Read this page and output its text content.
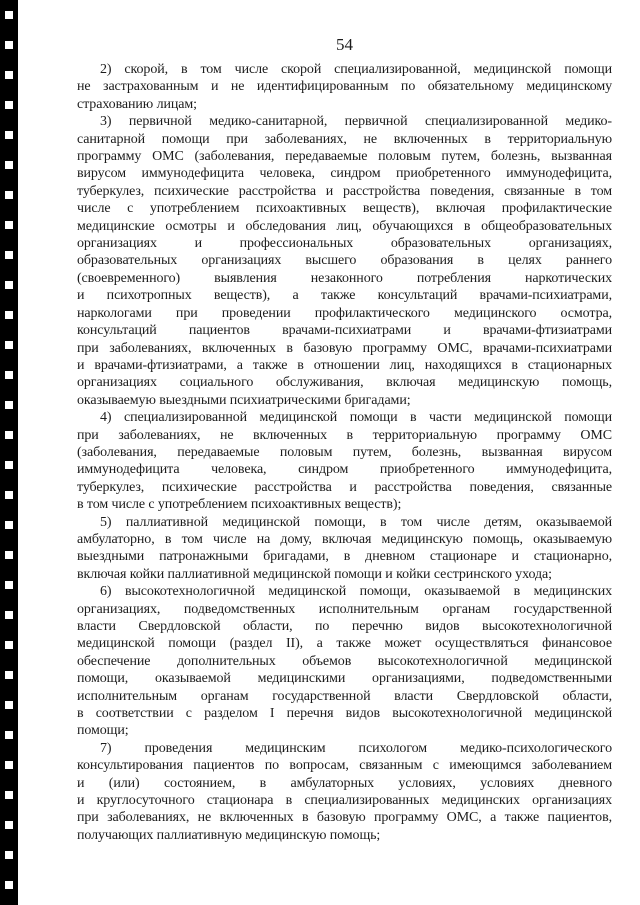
54
2) скорой, в том числе скорой специализированной, медицинской помощи
не застрахованным и не идентифицированным по обязательному медицинскому
страхованию лицам;
3) первичной медико-санитарной, первичной специализированной медико-
санитарной помощи при заболеваниях, не включенных в территориальную
программу ОМС (заболевания, передаваемые половым путем, болезнь, вызванная
вирусом иммунодефицита человека, синдром приобретенного иммунодефицита,
туберкулез, психические расстройства и расстройства поведения, связанные в том
числе с употреблением психоактивных веществ), включая профилактические
медицинские осмотры и обследования лиц, обучающихся в общеобразовательных
организациях и профессиональных образовательных организациях,
образовательных организациях высшего образования в целях раннего
(своевременного) выявления незаконного потребления наркотических
и психотропных веществ), а также консультаций врачами-психиатрами,
наркологами при проведении профилактического медицинского осмотра,
консультаций пациентов врачами-психиатрами и врачами-фтизиатрами
при заболеваниях, включенных в базовую программу ОМС, врачами-психиатрами
и врачами-фтизиатрами, а также в отношении лиц, находящихся в стационарных
организациях социального обслуживания, включая медицинскую помощь,
оказываемую выездными психиатрическими бригадами;
4) специализированной медицинской помощи в части медицинской помощи
при заболеваниях, не включенных в территориальную программу ОМС
(заболевания, передаваемые половым путем, болезнь, вызванная вирусом
иммунодефицита человека, синдром приобретенного иммунодефицита,
туберкулез, психические расстройства и расстройства поведения, связанные
в том числе с употреблением психоактивных веществ);
5) паллиативной медицинской помощи, в том числе детям, оказываемой
амбулаторно, в том числе на дому, включая медицинскую помощь, оказываемую
выездными патронажными бригадами, в дневном стационаре и стационарно,
включая койки паллиативной медицинской помощи и койки сестринского ухода;
6) высокотехнологичной медицинской помощи, оказываемой в медицинских
организациях, подведомственных исполнительным органам государственной
власти Свердловской области, по перечню видов высокотехнологичной
медицинской помощи (раздел II), а также может осуществляться финансовое
обеспечение дополнительных объемов высокотехнологичной медицинской
помощи, оказываемой медицинскими организациями, подведомственными
исполнительным органам государственной власти Свердловской области,
в соответствии с разделом I перечня видов высокотехнологичной медицинской
помощи;
7) проведения медицинским психологом медико-психологического
консультирования пациентов по вопросам, связанным с имеющимся заболеванием
и (или) состоянием, в амбулаторных условиях, условиях дневного
и круглосуточного стационара в специализированных медицинских организациях
при заболеваниях, не включенных в базовую программу ОМС, а также пациентов,
получающих паллиативную медицинскую помощь;
